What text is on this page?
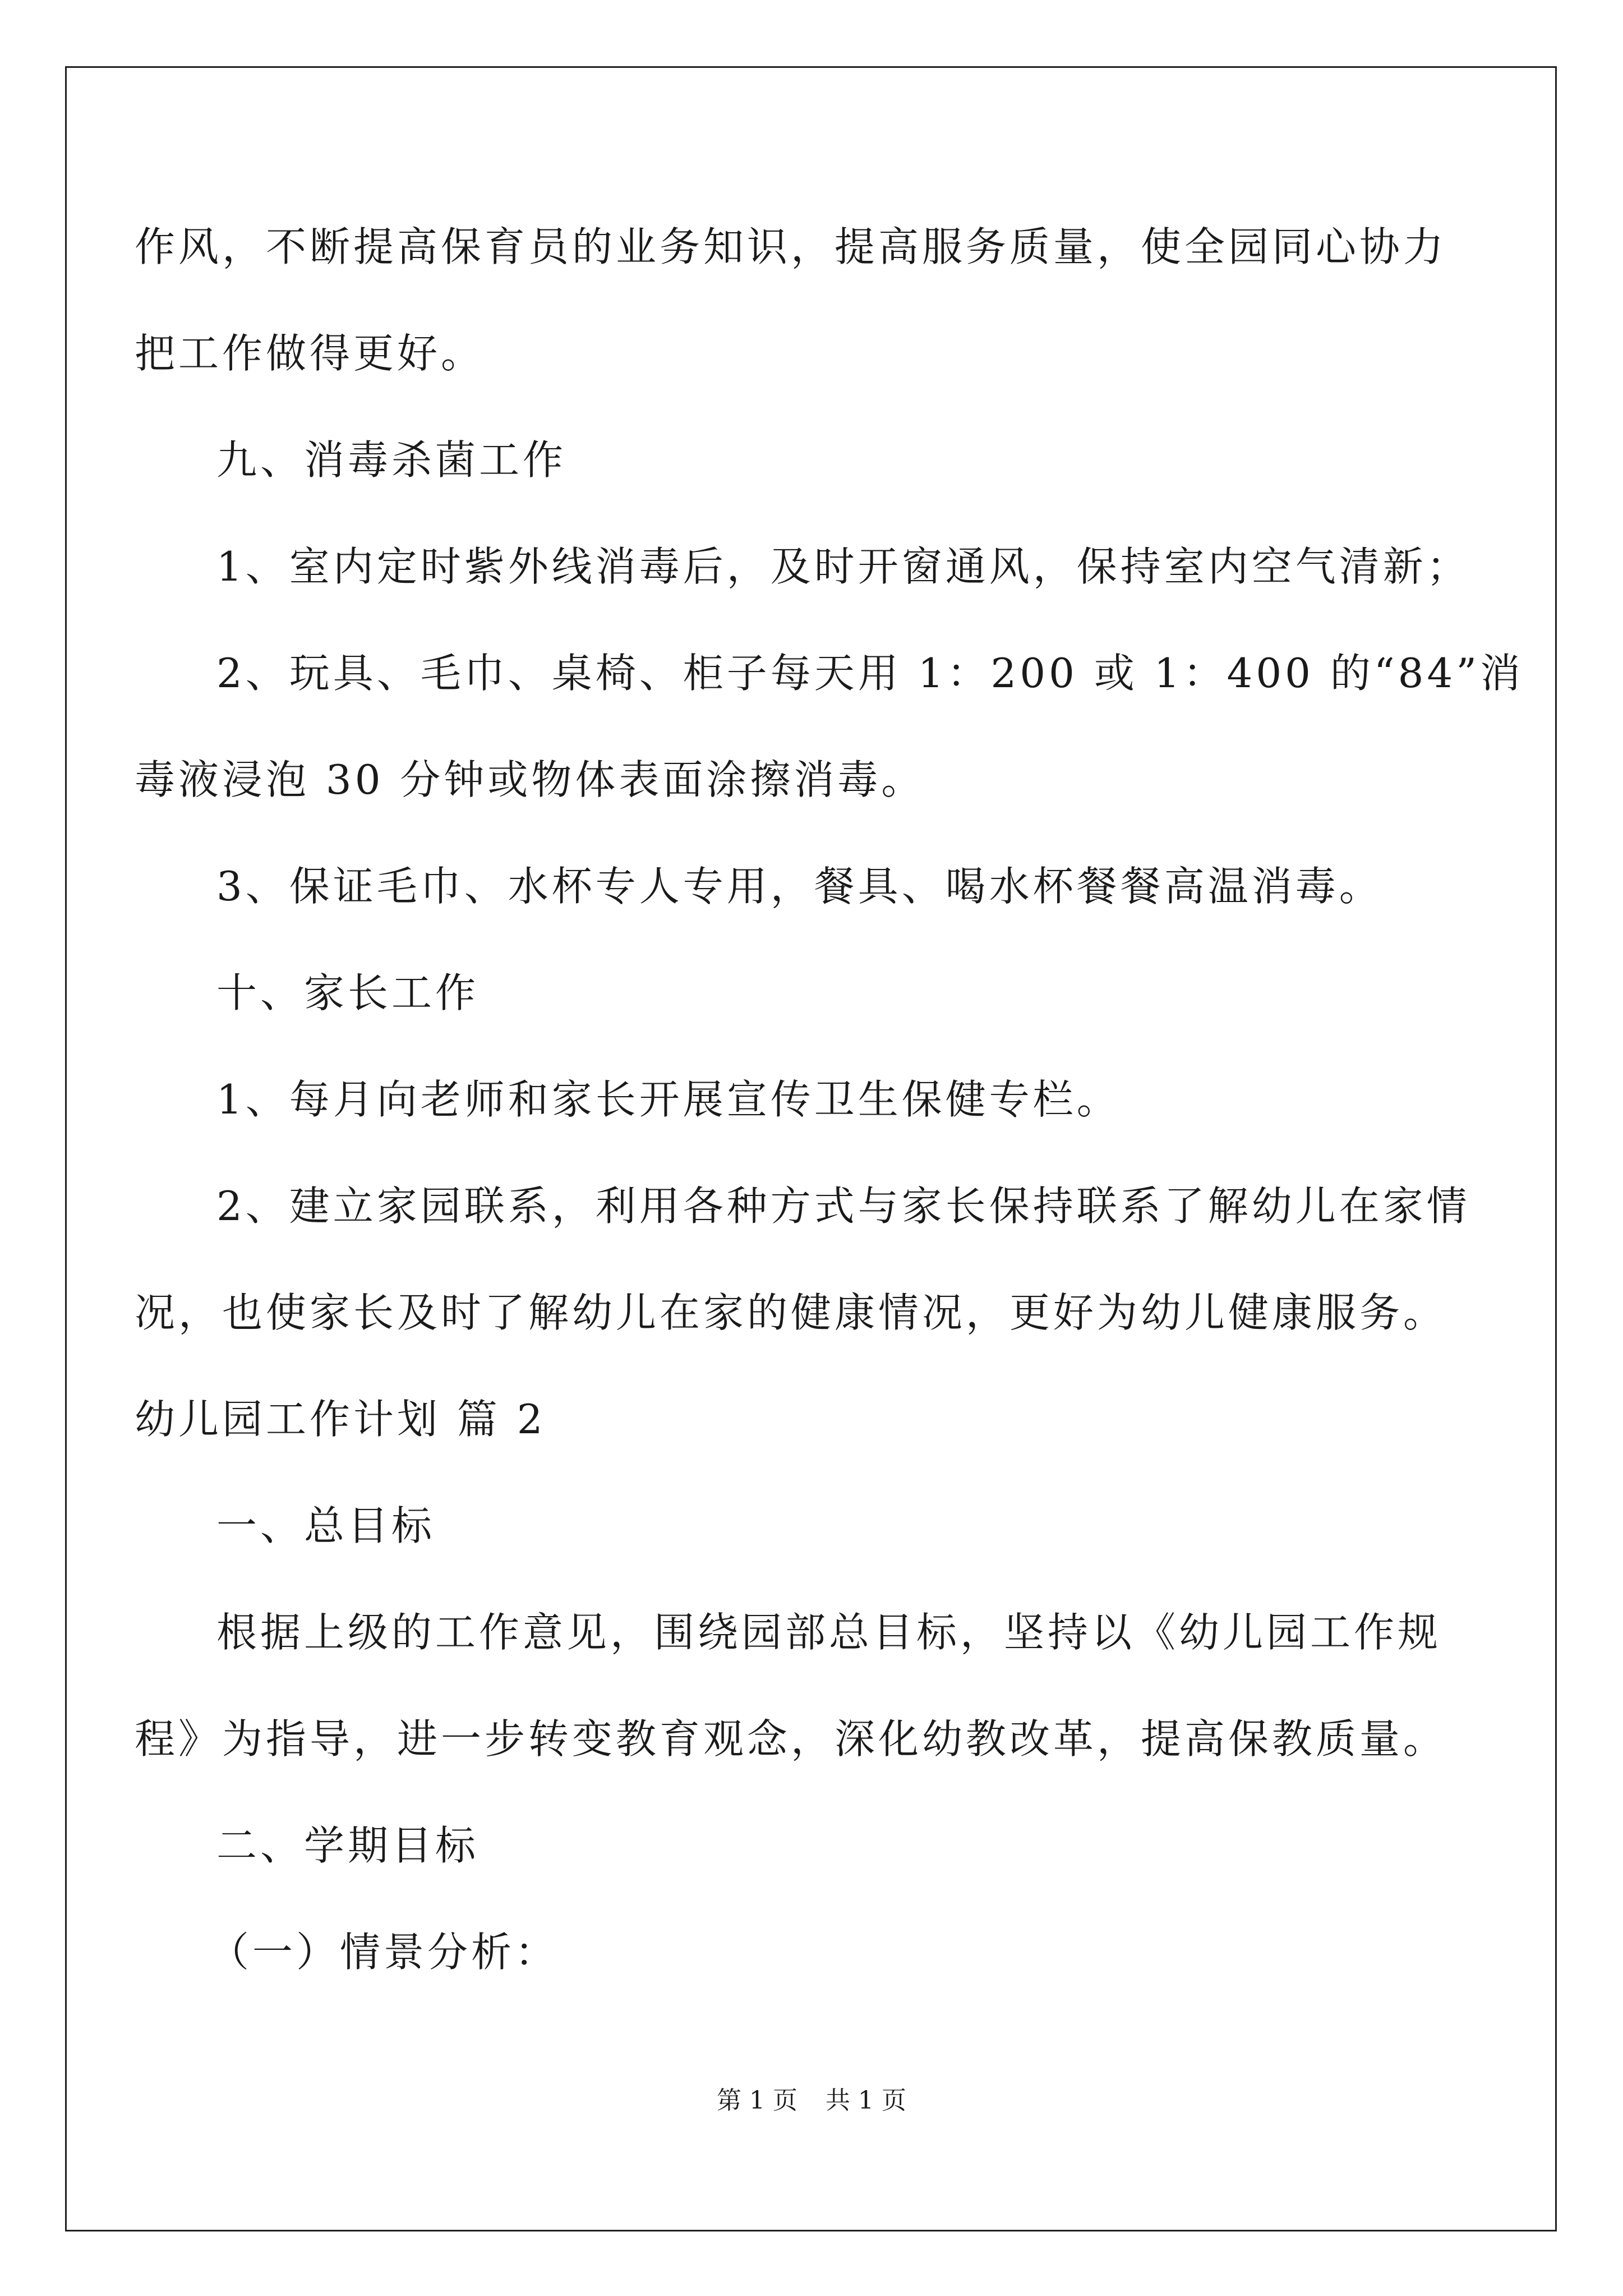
作风，不断提高保育员的业务知识，提高服务质量，使全园同心协力
把工作做得更好。
九、消毒杀菌工作
1、室内定时紫外线消毒后，及时开窗通风，保持室内空气清新；
2、玩具、毛巾、桌椅、柜子每天用 1：200 或 1：400 的“84”消
毒液浸泡 30 分钟或物体表面涂擦消毒。
3、保证毛巾、水杯专人专用，餐具、喝水杯餐餐高温消毒。
十、家长工作
1、每月向老师和家长开展宣传卫生保健专栏。
2、建立家园联系，利用各种方式与家长保持联系了解幼儿在家情
况，也使家长及时了解幼儿在家的健康情况，更好为幼儿健康服务。
幼儿园工作计划 篇 2
一、总目标
根据上级的工作意见，围绕园部总目标，坚持以《幼儿园工作规
程》为指导，进一步转变教育观念，深化幼教改革，提高保教质量。
二、学期目标
（一）情景分析：
第 1 页 共 1 页
